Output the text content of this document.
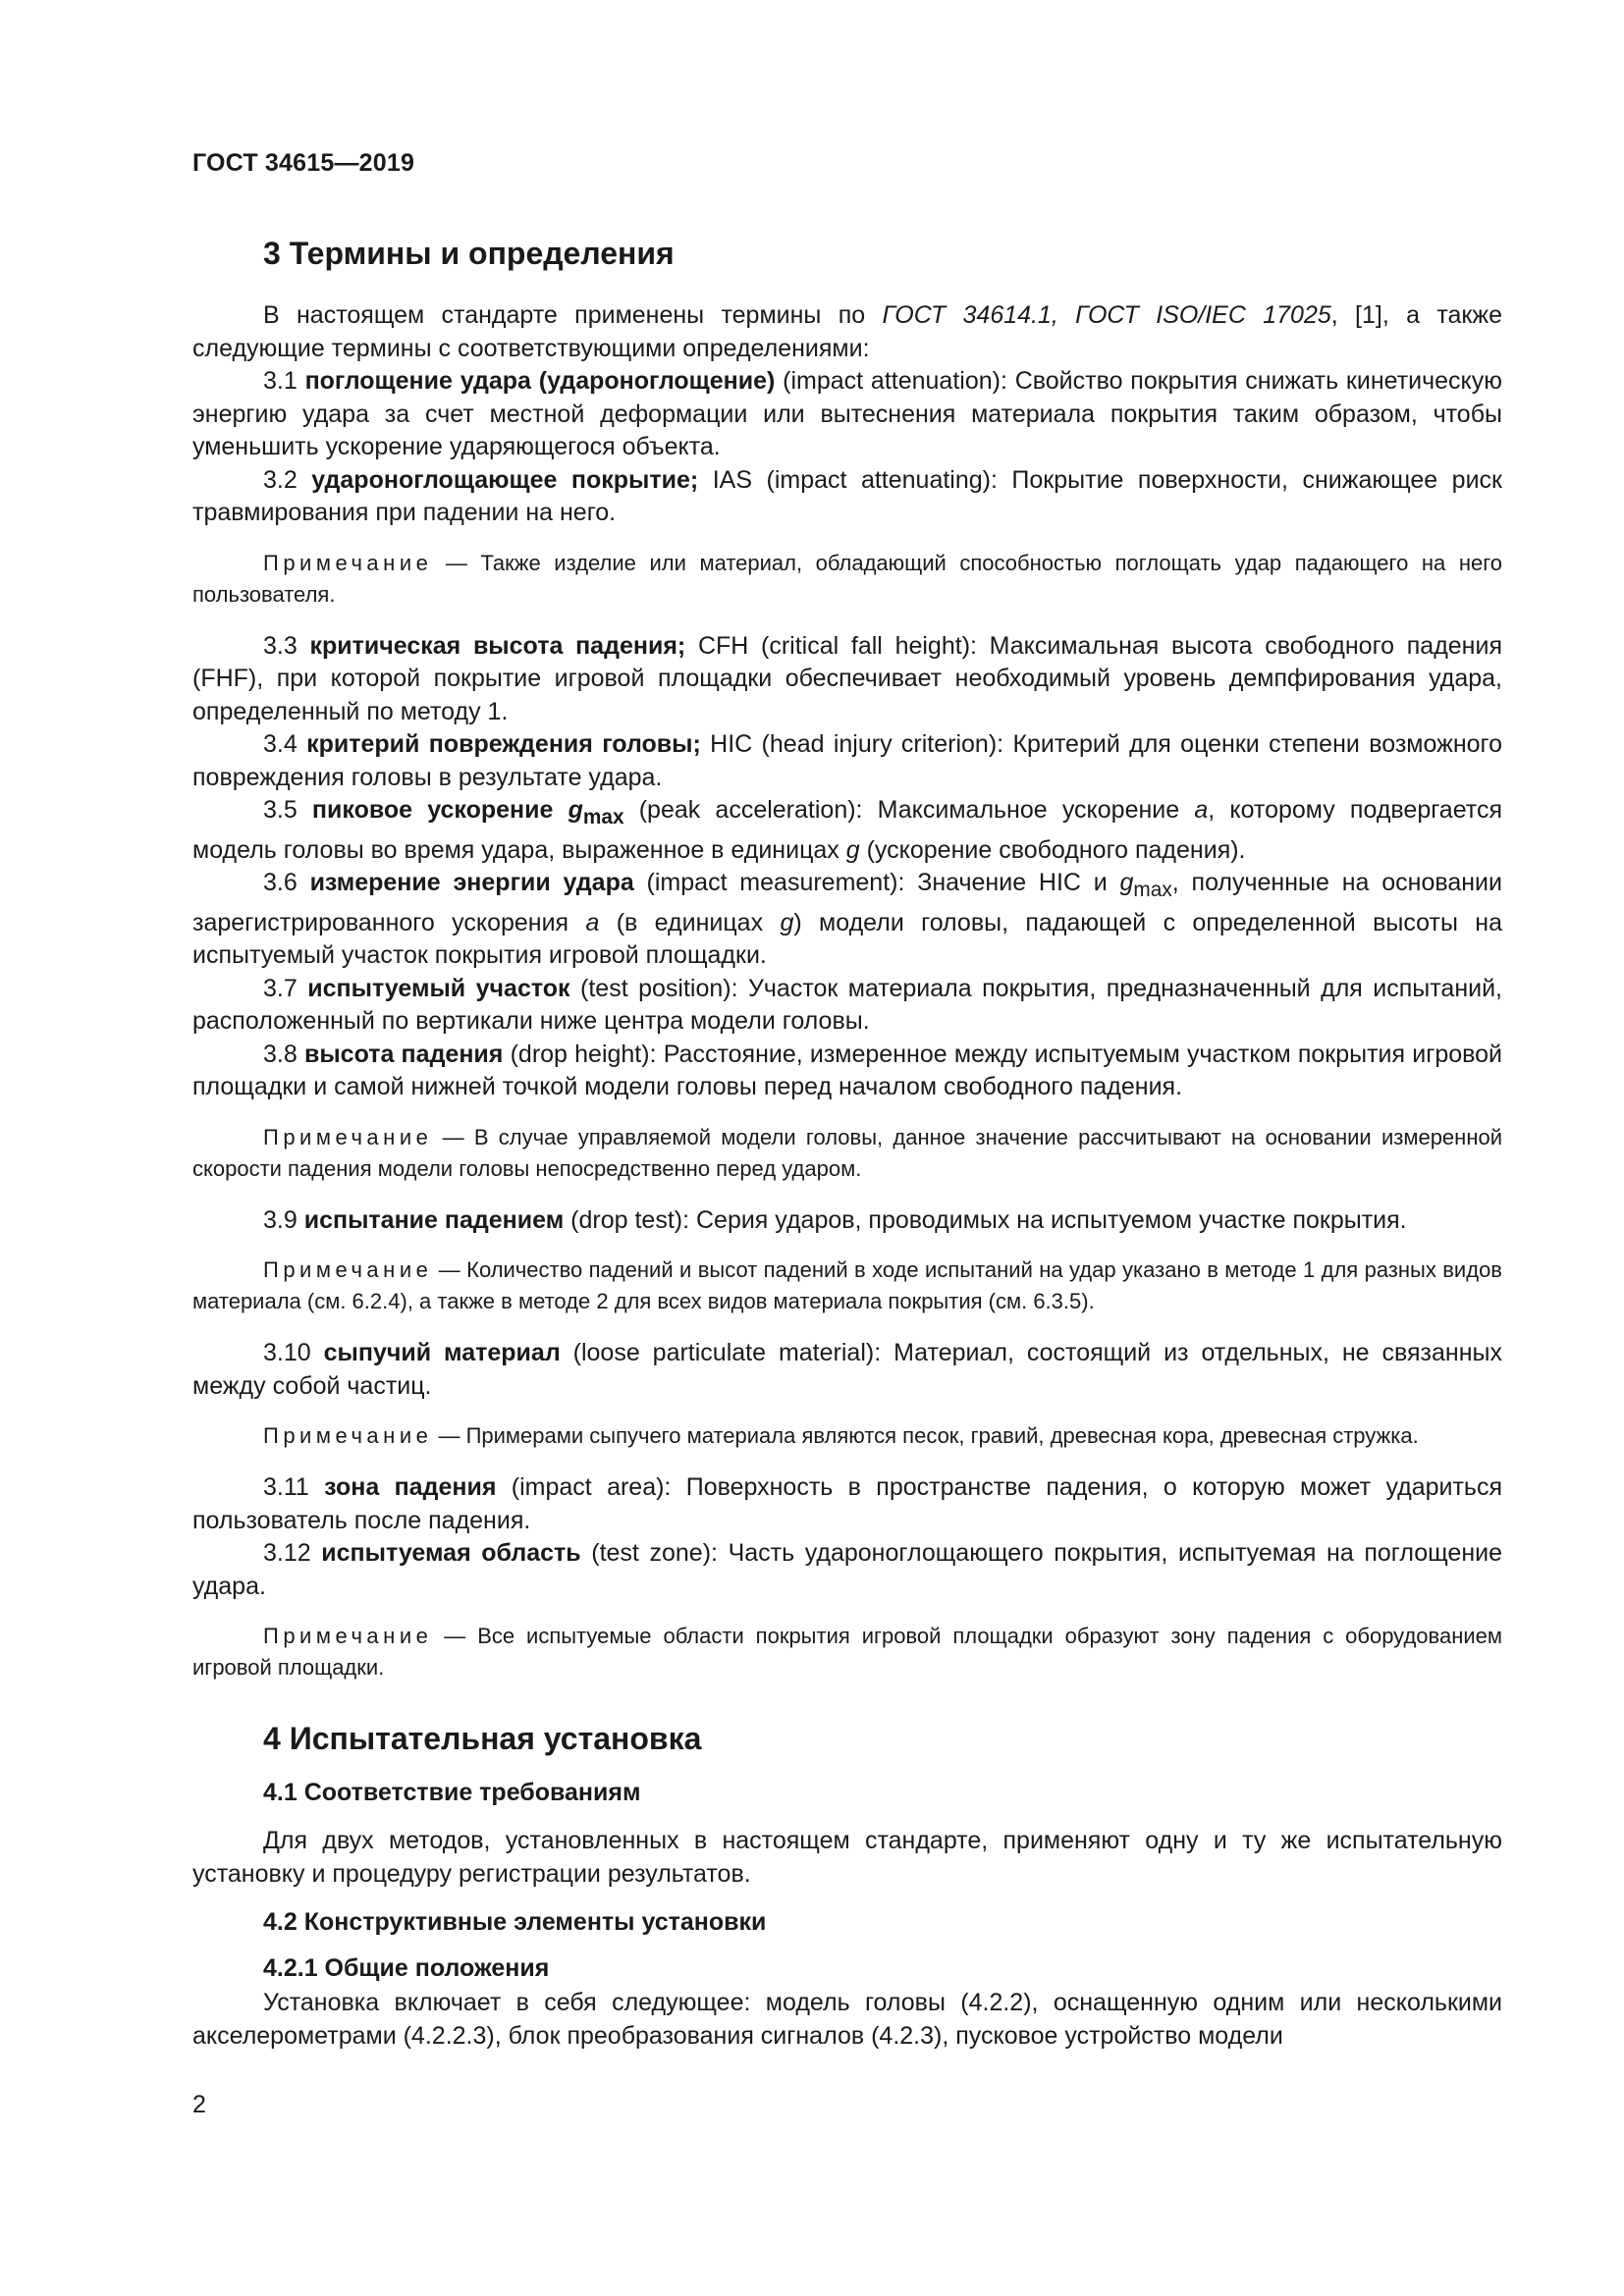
ГОСТ 34615—2019
3 Термины и определения

В настоящем стандарте применены термины по ГОСТ 34614.1, ГОСТ ISO/IEC 17025, [1], а также следующие термины с соответствующими определениями:

3.1 поглощение удара (удароноглощение) (impact attenuation): Свойство покрытия снижать кинетическую энергию удара за счет местной деформации или вытеснения материала покрытия таким образом, чтобы уменьшить ускорение ударяющегося объекта.

3.2 удароноглощающее покрытие; IAS (impact attenuating): Покрытие поверхности, снижающее риск травмирования при падении на него.

Примечание — Также изделие или материал, обладающий способностью поглощать удар падающего на него пользователя.

3.3 критическая высота падения; CFH (critical fall height): Максимальная высота свободного падения (FHF), при которой покрытие игровой площадки обеспечивает необходимый уровень демпфирования удара, определенный по методу 1.

3.4 критерий повреждения головы; HIC (head injury criterion): Критерий для оценки степени возможного повреждения головы в результате удара.

3.5 пиковое ускорение $g_{max}$ (peak acceleration): Максимальное ускорение a, которому подвергается модель головы во время удара, выраженное в единицах g (ускорение свободного падения).

3.6 измерение энергии удара (impact measurement): Значение HIC и $g_{max}$, полученные на основании зарегистрированного ускорения a (в единицах g) модели головы, падающей с определенной высоты на испытуемый участок покрытия игровой площадки.

3.7 испытуемый участок (test position): Участок материала покрытия, предназначенный для испытаний, расположенный по вертикали ниже центра модели головы.

3.8 высота падения (drop height): Расстояние, измеренное между испытуемым участком покрытия игровой площадки и самой нижней точкой модели головы перед началом свободного падения.

Примечание — В случае управляемой модели головы, данное значение рассчитывают на основании измеренной скорости падения модели головы непосредственно перед ударом.

3.9 испытание падением (drop test): Серия ударов, проводимых на испытуемом участке покрытия.

Примечание — Количество падений и высот падений в ходе испытаний на удар указано в методе 1 для разных видов материала (см. 6.2.4), а также в методе 2 для всех видов материала покрытия (см. 6.3.5).

3.10 сыпучий материал (loose particulate material): Материал, состоящий из отдельных, не связанных между собой частиц.

Примечание — Примерами сыпучего материала являются песок, гравий, древесная кора, древесная стружка.

3.11 зона падения (impact area): Поверхность в пространстве падения, о которую может удариться пользователь после падения.

3.12 испытуемая область (test zone): Часть удароноглощающего покрытия, испытуемая на поглощение удара.

Примечание — Все испытуемые области покрытия игровой площадки образуют зону падения с оборудованием игровой площадки.

4 Испытательная установка
4.1 Соответствие требованиям

Для двух методов, установленных в настоящем стандарте, применяют одну и ту же испытательную установку и процедуру регистрации результатов.

4.2 Конструктивные элементы установки
4.2.1 Общие положения

Установка включает в себя следующее: модель головы (4.2.2), оснащенную одним или несколькими акселерометрами (4.2.2.3), блок преобразования сигналов (4.2.3), пусковое устройство модели

2
